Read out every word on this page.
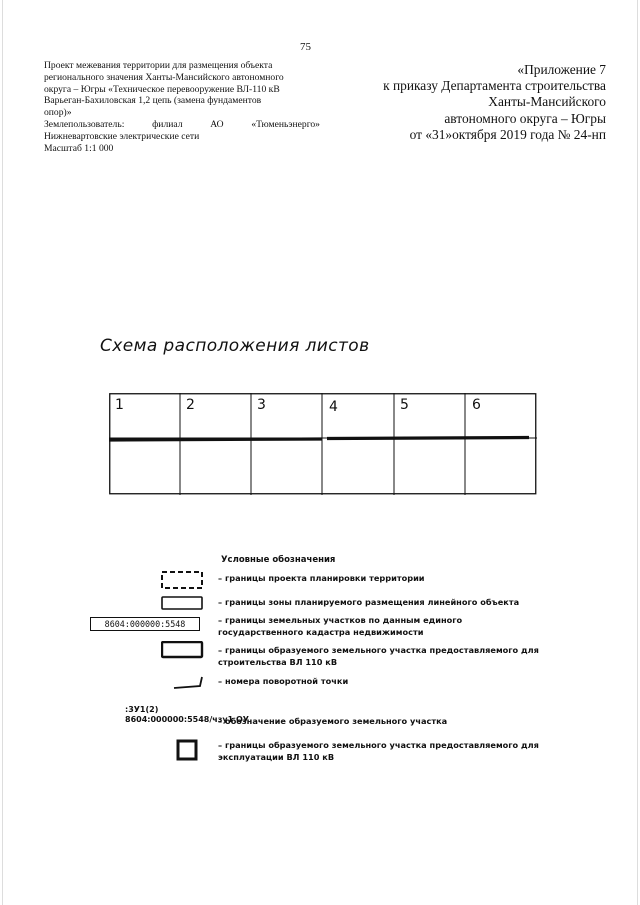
75
Проект межевания территории для размещения объекта
регионального значения Ханты-Мансийского автономного
округа – Югры «Техническое перевооружение ВЛ-110 кВ
Варьеган-Бахиловская 1,2 цепь (замена фундаментов
опор)»
Землепользователь:	филиал	АО	«Тюменьэнерго»
Нижневартовские электрические сети
Масштаб 1:1 000
«Приложение 7
к приказу Департамента строительства
Ханты-Мансийского
автономного округа – Югры
от «31»октября 2019 года № 24-нп
Схема расположения листов
1	2	3	4	5	6
Условные обозначения
8604:000000:5548
:3У1(2)
8604:000000:5548/чзу1 ОУ
– границы проекта планировки территории
– границы зоны планируемого размещения линейного объекта
– границы земельных участков по данным единого государственного кадастра недвижимости
– границы образуемого земельного участка предоставляемого для строительства ВЛ 110 кВ
– номера поворотной точки
– обозначение образуемого земельного участка
– границы образуемого земельного участка предоставляемого для эксплуатации ВЛ 110 кВ
